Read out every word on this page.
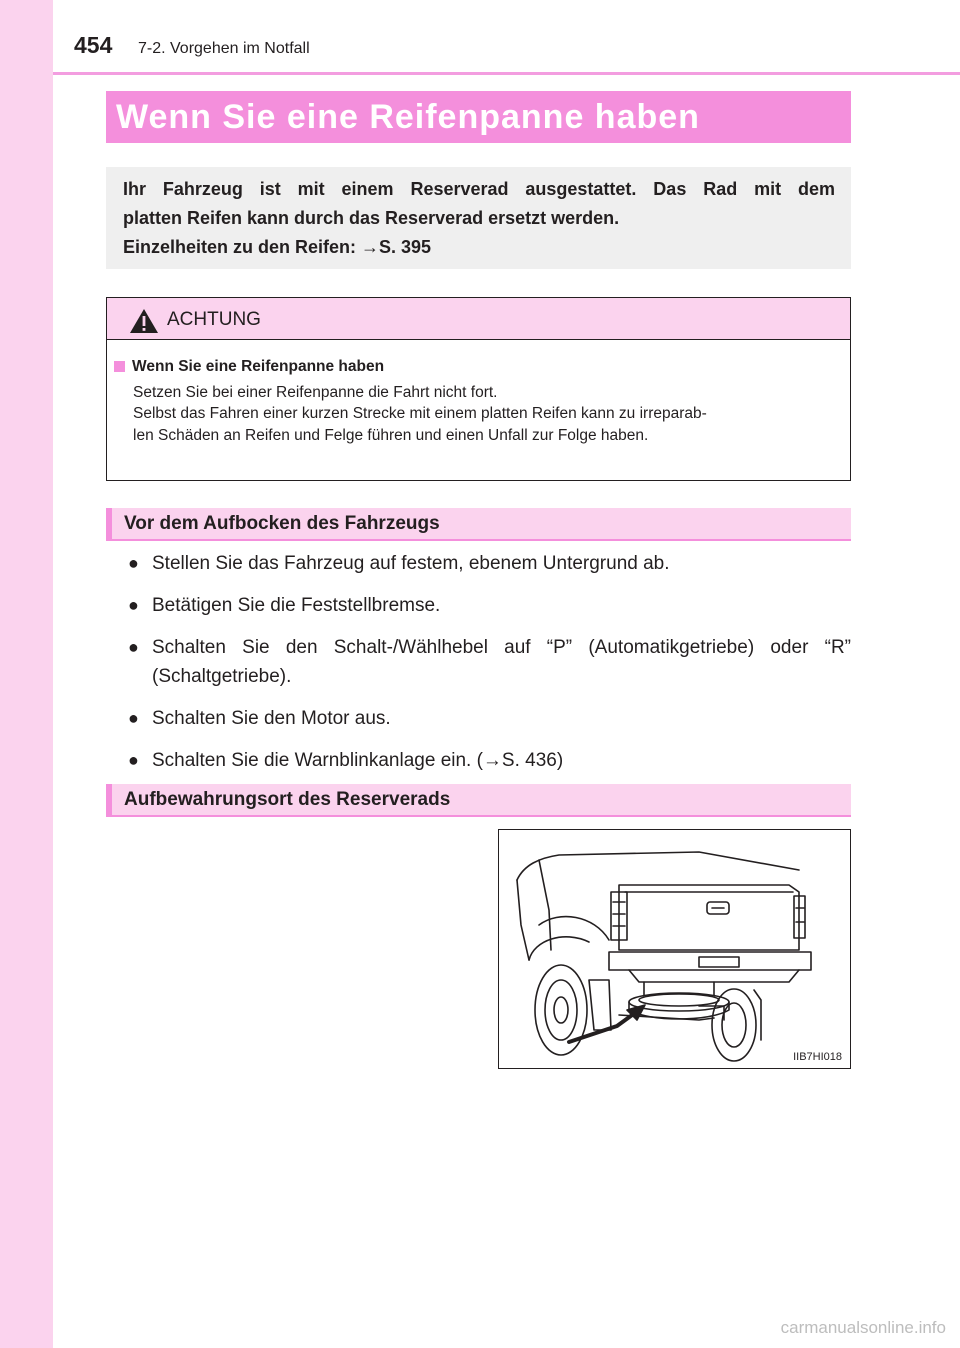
454 7-2. Vorgehen im Notfall
Wenn Sie eine Reifenpanne haben
Ihr Fahrzeug ist mit einem Reserverad ausgestattet. Das Rad mit dem
platten Reifen kann durch das Reserverad ersetzt werden.
Einzelheiten zu den Reifen: →S. 395
ACHTUNG
Wenn Sie eine Reifenpanne haben
Setzen Sie bei einer Reifenpanne die Fahrt nicht fort.
Selbst das Fahren einer kurzen Strecke mit einem platten Reifen kann zu irreparab-
len Schäden an Reifen und Felge führen und einen Unfall zur Folge haben.
Vor dem Aufbocken des Fahrzeugs
● Stellen Sie das Fahrzeug auf festem, ebenem Untergrund ab.
● Betätigen Sie die Feststellbremse.
● Schalten Sie den Schalt-/Wählhebel auf “P” (Automatikgetriebe) oder “R” (Schaltgetriebe).
● Schalten Sie den Motor aus.
● Schalten Sie die Warnblinkanlage ein. (→S. 436)
Aufbewahrungsort des Reserverads
IIB7HI018
carmanualsonline.info
